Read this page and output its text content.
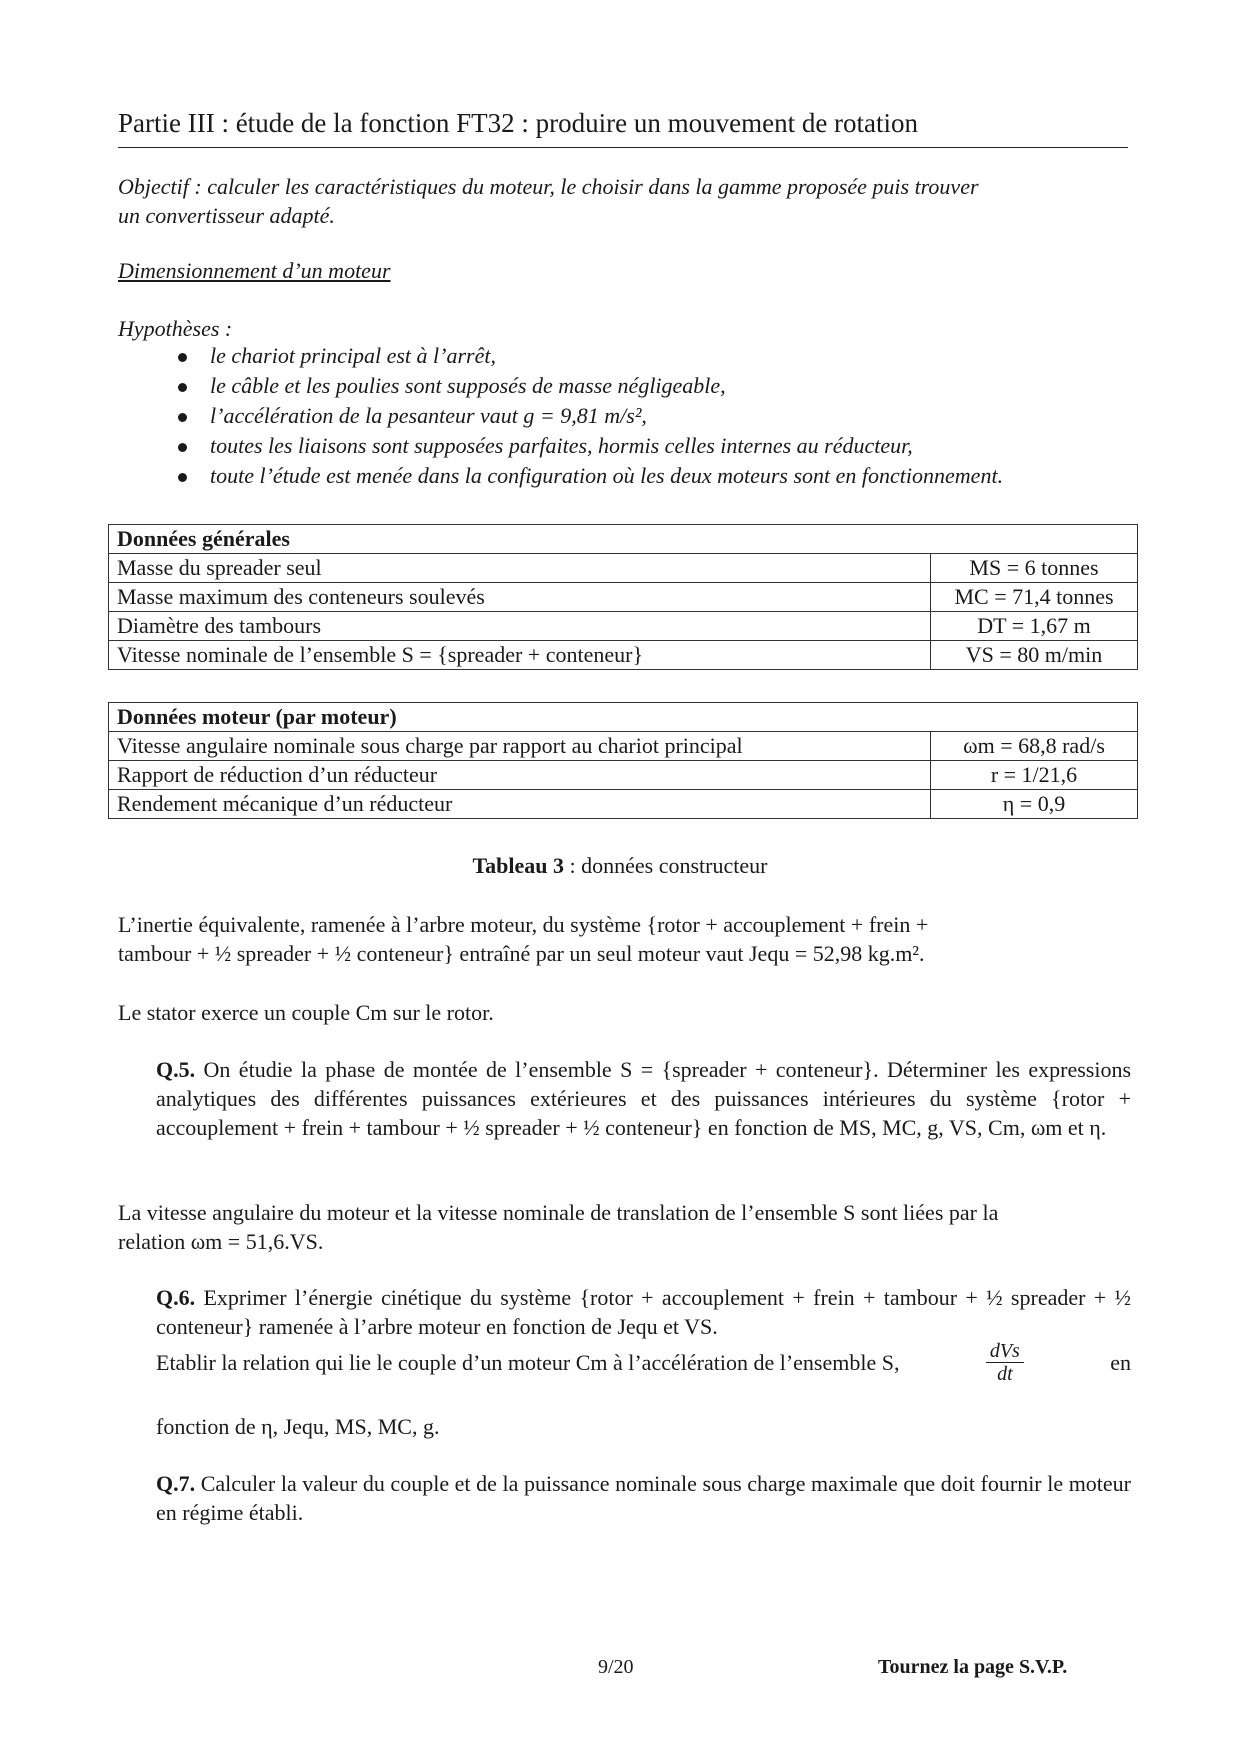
Partie III : étude de la fonction FT32 : produire un mouvement de rotation
Objectif : calculer les caractéristiques du moteur, le choisir dans la gamme proposée puis trouver
un convertisseur adapté.
Dimensionnement d’un moteur
Hypothèses :
le chariot principal est à l’arrêt,
le câble et les poulies sont supposés de masse négligeable,
l’accélération de la pesanteur vaut g = 9,81 m/s²,
toutes les liaisons sont supposées parfaites, hormis celles internes au réducteur,
toute l’étude est menée dans la configuration où les deux moteurs sont en fonctionnement.
Données générales	
Masse du spreader seul	MS = 6 tonnes
Masse maximum des conteneurs soulevés	MC = 71,4 tonnes
Diamètre des tambours	DT = 1,67 m
Vitesse nominale de l’ensemble S = {spreader + conteneur}	VS = 80 m/min
Données moteur (par moteur)	
Vitesse angulaire nominale sous charge par rapport au chariot principal	ωm = 68,8 rad/s
Rapport de réduction d’un réducteur	r = 1/21,6
Rendement mécanique d’un réducteur	η = 0,9
Tableau 3 : données constructeur
L’inertie équivalente, ramenée à l’arbre moteur, du système {rotor + accouplement + frein +
tambour + ½ spreader + ½ conteneur} entraîné par un seul moteur vaut Jequ = 52,98 kg.m².
Le stator exerce un couple Cm sur le rotor.
Q.5. On étudie la phase de montée de l’ensemble S = {spreader + conteneur}. Déterminer les expressions analytiques des différentes puissances extérieures et des puissances intérieures du système {rotor + accouplement + frein + tambour + ½ spreader + ½ conteneur} en fonction de MS, MC, g, VS, Cm, ωm et η.
La vitesse angulaire du moteur et la vitesse nominale de translation de l’ensemble S sont liées par la
relation ωm = 51,6.VS.
Q.6. Exprimer l’énergie cinétique du système {rotor + accouplement + frein + tambour + ½ spreader + ½ conteneur} ramenée à l’arbre moteur en fonction de Jequ et VS.
Etablir la relation qui lie le couple d’un moteur Cm à l’accélération de l’ensemble S,	$\frac{\text{dVs}}{dt}$	en
fonction de η, Jequ, MS, MC, g.
Q.7. Calculer la valeur du couple et de la puissance nominale sous charge maximale que doit fournir le moteur en régime établi.
9/20	Tournez la page S.V.P.
